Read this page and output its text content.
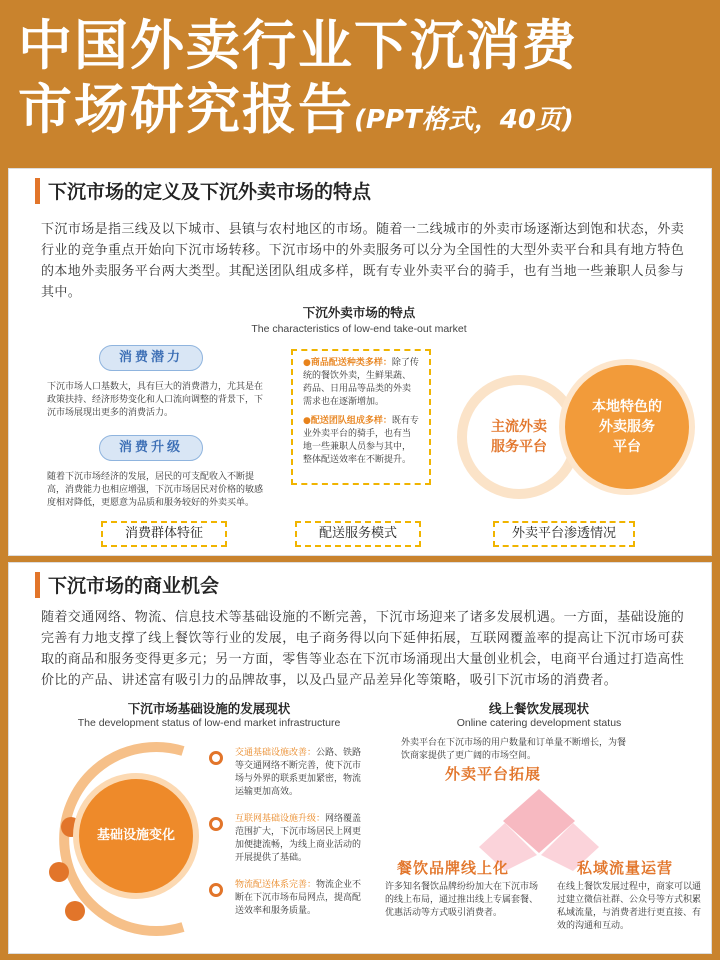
中国外卖行业下沉消费
市场研究报告(PPT格式，40页)
下沉市场的定义及下沉外卖市场的特点
下沉市场是指三线及以下城市、县镇与农村地区的市场。随着一二线城市的外卖市场逐渐达到饱和状态，外卖行业的竞争重点开始向下沉市场转移。下沉市场中的外卖服务可以分为全国性的大型外卖平台和具有地方特色的本地外卖服务平台两大类型。其配送团队组成多样，既有专业外卖平台的骑手，也有当地一些兼职人员参与其中。
下沉外卖市场的特点
The characteristics of low-end take-out market
消费潜力
下沉市场人口基数大，具有巨大的消费潜力，尤其是在政策扶持、经济形势变化和人口流向调整的背景下，下沉市场展现出更多的消费活力。
消费升级
随着下沉市场经济的发展，居民的可支配收入不断提高，消费能力也相应增强，下沉市场居民对价格的敏感度相对降低，更愿意为品质和服务较好的外卖买单。

●商品配送种类多样：除了传统的餐饮外卖，生鲜果蔬、药品、日用品等品类的外卖需求也在逐渐增加。

●配送团队组成多样：既有专业外卖平台的骑手，也有当地一些兼职人员参与其中，整体配送效率在不断提升。

主流外卖
服务平台
本地特色的
外卖服务
平台
消费群体特征	配送服务模式	外卖平台渗透情况
下沉市场的商业机会
随着交通网络、物流、信息技术等基础设施的不断完善，下沉市场迎来了诸多发展机遇。一方面，基础设施的完善有力地支撑了线上餐饮等行业的发展，电子商务得以向下延伸拓展，互联网覆盖率的提高让下沉市场可获取的商品和服务变得更多元；另一方面，零售等业态在下沉市场涌现出大量创业机会，电商平台通过打造高性价比的产品、讲述富有吸引力的品牌故事，以及凸显产品差异化等策略，吸引下沉市场的消费者。
下沉市场基础设施的发展现状
The development status of low-end market infrastructure
线上餐饮发展现状
Online catering development status
基础设施变化
交通基础设施改善：公路、铁路等交通网络不断完善，使下沉市场与外界的联系更加紧密，物流运输更加高效。
互联网基础设施升级：网络覆盖范围扩大，下沉市场居民上网更加便捷流畅，为线上商业活动的开展提供了基础。
物流配送体系完善：物流企业不断在下沉市场布局网点，提高配送效率和服务质量。
外卖平台在下沉市场的用户数量和订单量不断增长，为餐饮商家提供了更广阔的市场空间。
外卖平台拓展
餐饮品牌线上化	私域流量运营
许多知名餐饮品牌纷纷加大在下沉市场的线上布局，通过推出线上专属套餐、优惠活动等方式吸引消费者。
在线上餐饮发展过程中，商家可以通过建立微信社群、公众号等方式积累私域流量，与消费者进行更直接、有效的沟通和互动。
